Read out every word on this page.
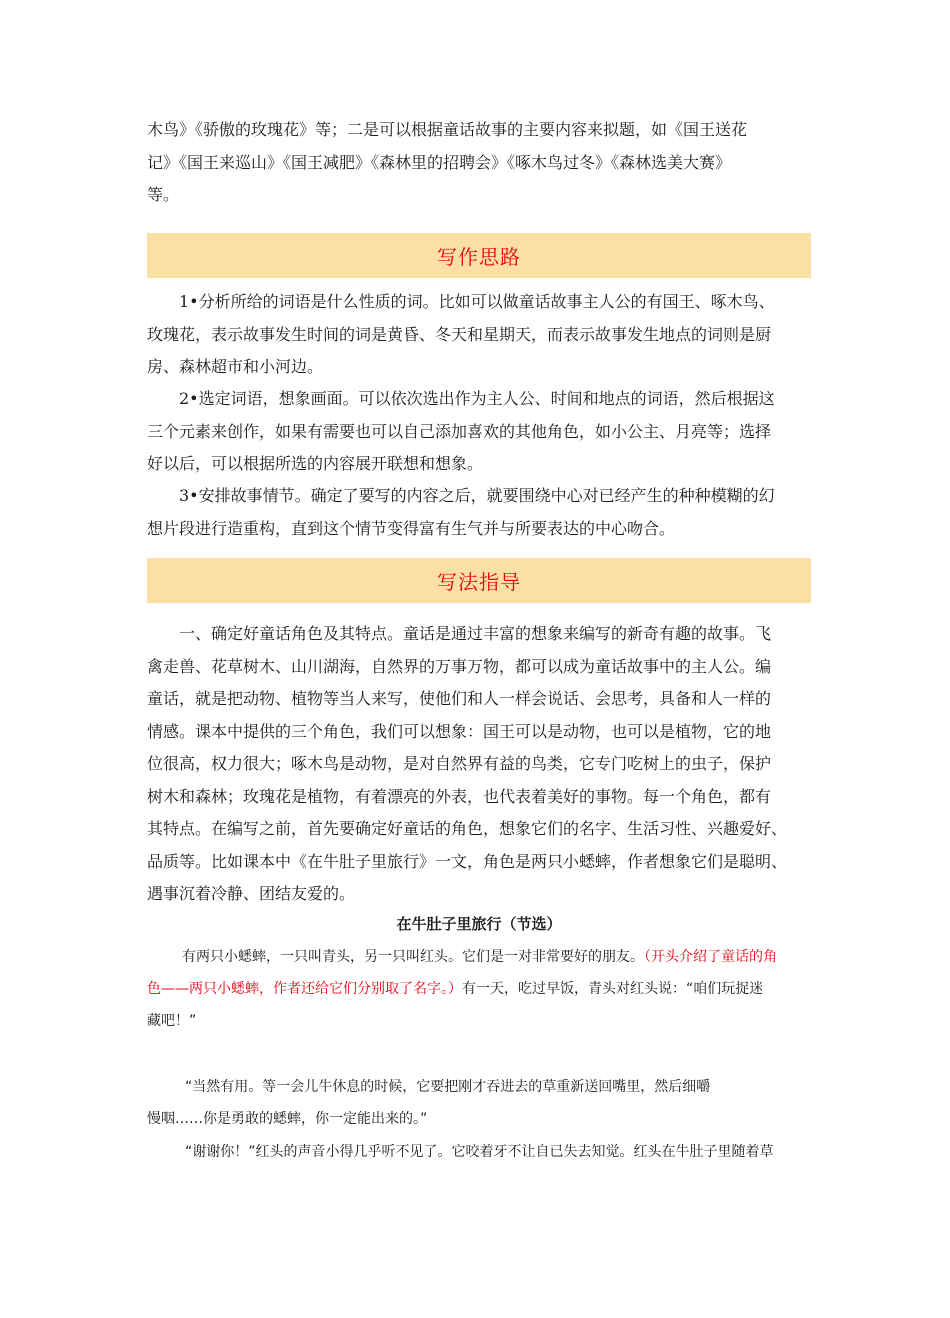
木鸟》《骄傲的玫瑰花》等；二是可以根据童话故事的主要内容来拟题，如《国王送花
记》《国王来巡山》《国王减肥》《森林里的招聘会》《啄木鸟过冬》《森林选美大赛》
等。

写作思路

1•分析所给的词语是什么性质的词。比如可以做童话故事主人公的有国王、啄木鸟、
玫瑰花，表示故事发生时间的词是黄昏、冬天和星期天，而表示故事发生地点的词则是厨
房、森林超市和小河边。

2•选定词语，想象画面。可以依次选出作为主人公、时间和地点的词语，然后根据这
三个元素来创作，如果有需要也可以自己添加喜欢的其他角色，如小公主、月亮等；选择
好以后，可以根据所选的内容展开联想和想象。

3•安排故事情节。确定了要写的内容之后，就要围绕中心对已经产生的种种模糊的幻
想片段进行造重构，直到这个情节变得富有生气并与所要表达的中心吻合。

写法指导

一、确定好童话角色及其特点。童话是通过丰富的想象来编写的新奇有趣的故事。飞
禽走兽、花草树木、山川湖海，自然界的万事万物，都可以成为童话故事中的主人公。编
童话，就是把动物、植物等当人来写，使他们和人一样会说话、会思考，具备和人一样的
情感。课本中提供的三个角色，我们可以想象：国王可以是动物，也可以是植物，它的地
位很高，权力很大；啄木鸟是动物，是对自然界有益的鸟类，它专门吃树上的虫子，保护
树木和森林；玫瑰花是植物，有着漂亮的外表，也代表着美好的事物。每一个角色，都有
其特点。在编写之前，首先要确定好童话的角色，想象它们的名字、生活习性、兴趣爱好、
品质等。比如课本中《在牛肚子里旅行》一文，角色是两只小蟋蟀，作者想象它们是聪明、
遇事沉着冷静、团结友爱的。

在牛肚子里旅行（节选）

有两只小蟋蟀，一只叫青头，另一只叫红头。它们是一对非常要好的朋友。（开头介绍了童话的角
色——两只小蟋蟀，作者还给它们分别取了名字。）有一天，吃过早饭，青头对红头说：“咱们玩捉迷
藏吧！”

“当然有用。等一会儿牛休息的时候，它要把刚才吞进去的草重新送回嘴里，然后细嚼
慢咽……你是勇敢的蟋蟀，你一定能出来的。”

“谢谢你！”红头的声音小得几乎听不见了。它咬着牙不让自已失去知觉。红头在牛肚子里随着草
